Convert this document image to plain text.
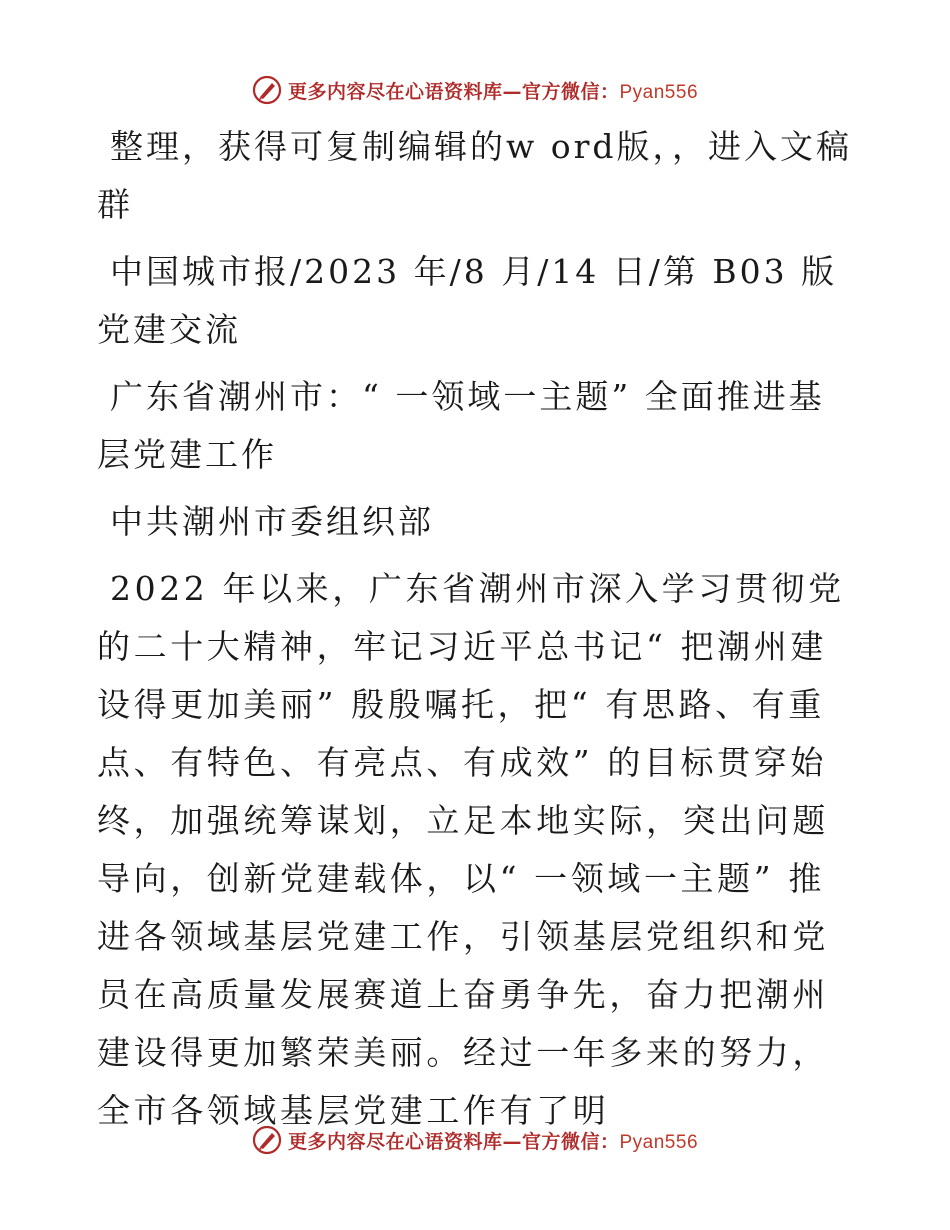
更多内容尽在心语资料库—官方微信：Pyan556

整理，获得可复制编辑的w ord版，，进入文稿群

中国城市报/2023 年/8 月/14 日/第 B03 版党建交流

广东省潮州市：“ 一领域一主题” 全面推进基层党建工作

中共潮州市委组织部

2022 年以来，广东省潮州市深入学习贯彻党的二十大精神，牢记习近平总书记“ 把潮州建设得更加美丽” 殷殷嘱托，把“ 有思路、有重点、有特色、有亮点、有成效” 的目标贯穿始终，加强统筹谋划，立足本地实际，突出问题导向，创新党建载体，以“ 一领域一主题” 推进各领域基层党建工作，引领基层党组织和党员在高质量发展赛道上奋勇争先，奋力把潮州建设得更加繁荣美丽。经过一年多来的努力，全市各领域基层党建工作有了明

更多内容尽在心语资料库—官方微信：Pyan556
